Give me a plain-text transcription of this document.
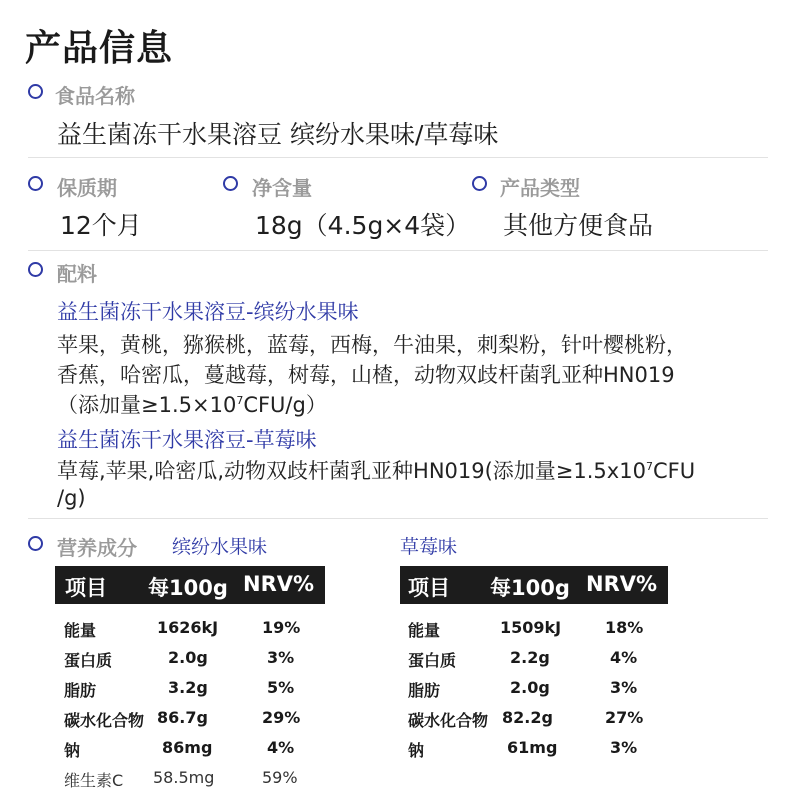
产品信息
食品名称
益生菌冻干水果溶豆 缤纷水果味/草莓味
保质期
12个月
净含量
18g（4.5g×4袋）
产品类型
其他方便食品
配料
益生菌冻干水果溶豆-缤纷水果味
苹果，黄桃，猕猴桃，蓝莓，西梅，牛油果，刺梨粉，针叶樱桃粉，
香蕉，哈密瓜，蔓越莓，树莓，山楂，动物双歧杆菌乳亚种HN019
（添加量$\ge 1.5\times 10^7CFU/g$）
益生菌冻干水果溶豆-草莓味
草莓,苹果,哈密瓜,动物双歧杆菌乳亚种HN019(添加量$\ge 1.5x10^7CFU$
/g)
营养成分 缤纷水果味	草莓味
项目 每100g NRV%	项目 每100g NRV%
能量	1626kJ	19%
蛋白质	2.0g	3%
脂肪	3.2g	5%
碳水化合物 86.7g	29%
钠	86mg	4%
维生素C 58.5mg	59%
能量	1509kJ	18%
蛋白质	2.2g	4%
脂肪	2.0g	3%
碳水化合物 82.2g	27%
钠	61mg	3%
